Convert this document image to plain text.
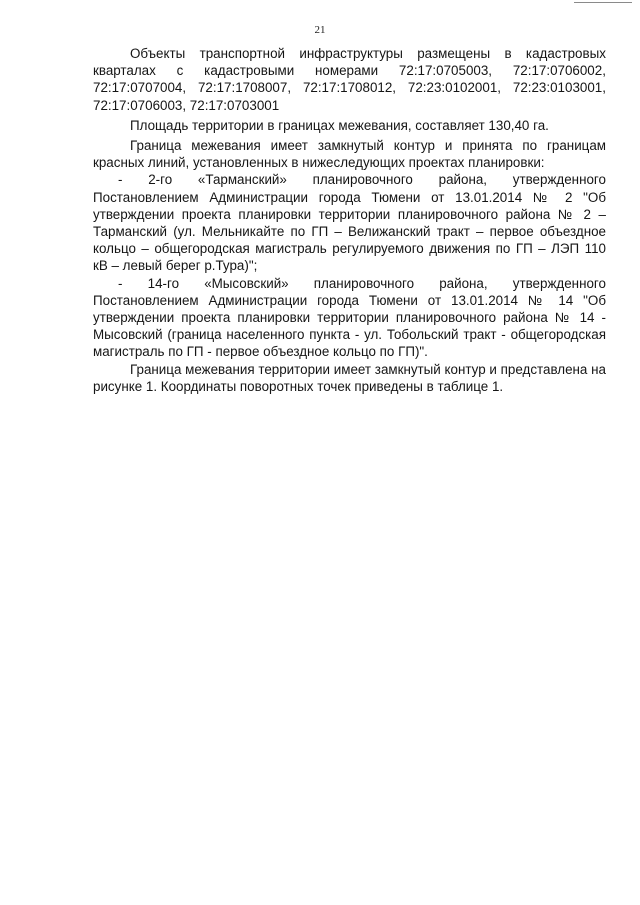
21
Объекты транспортной инфраструктуры размещены в кадастровых
кварталах с кадастровыми номерами 72:17:0705003, 72:17:0706002,
72:17:0707004, 72:17:1708007, 72:17:1708012, 72:23:0102001, 72:23:0103001,
72:17:0706003, 72:17:0703001

Площадь территории в границах межевания, составляет 130,40 га.

Граница межевания имеет замкнутый контур и принята по границам красных линий, установленных в нижеследующих проектах планировки:

- 2-го «Тарманский» планировочного района, утвержденного

Постановлением Администрации города Тюмени от 13.01.2014 № 2 "Об утверждении проекта планировки территории планировочного района № 2 – Тарманский (ул. Мельникайте по ГП – Велижанский тракт – первое объездное кольцо – общегородская магистраль регулируемого движения по ГП – ЛЭП 110 кВ – левый берег р.Тура)";

- 14-го «Мысовский» планировочного района, утвержденного

Постановлением Администрации города Тюмени от 13.01.2014 № 14 "Об утверждении проекта планировки территории планировочного района № 14 - Мысовский (граница населенного пункта - ул. Тобольский тракт - общегородская магистраль по ГП - первое объездное кольцо по ГП)".

Граница межевания территории имеет замкнутый контур и представлена на рисунке 1. Координаты поворотных точек приведены в таблице 1.
